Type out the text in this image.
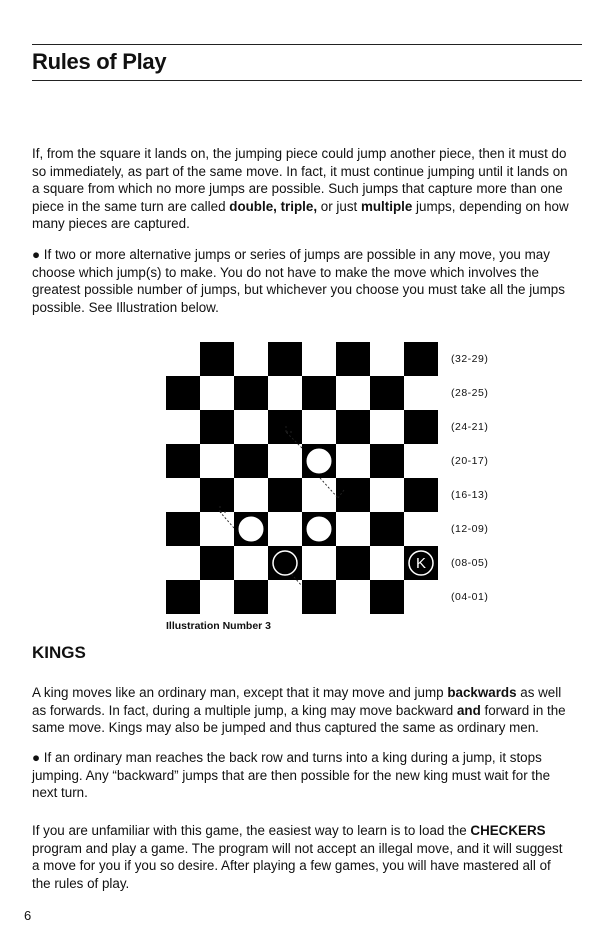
Rules of Play

If, from the square it lands on, the jumping piece could jump another piece, then it must do so immediately, as part of the same move. In fact, it must continue jumping until it lands on a square from which no more jumps are possible. Such jumps that capture more than one piece in the same turn are called double, triple, or just multiple jumps, depending on how many pieces are captured.

● If two or more alternative jumps or series of jumps are possible in any move, you may choose which jump(s) to make. You do not have to make the move which involves the greatest possible number of jumps, but whichever you choose you must take all the jumps possible. See Illustration below.

K
(32-29)
(28-25)
(24-21)
(20-17)
(16-13)
(12-09)
(08-05)
(04-01)

Illustration Number 3

KINGS

A king moves like an ordinary man, except that it may move and jump backwards as well as forwards. In fact, during a multiple jump, a king may move backward and forward in the same move. Kings may also be jumped and thus captured the same as ordinary men.

● If an ordinary man reaches the back row and turns into a king during a jump, it stops jumping. Any “backward” jumps that are then possible for the new king must wait for the next turn.

If you are unfamiliar with this game, the easiest way to learn is to load the CHECKERS program and play a game. The program will not accept an illegal move, and it will suggest a move for you if you so desire. After playing a few games, you will have mastered all of the rules of play.

6
